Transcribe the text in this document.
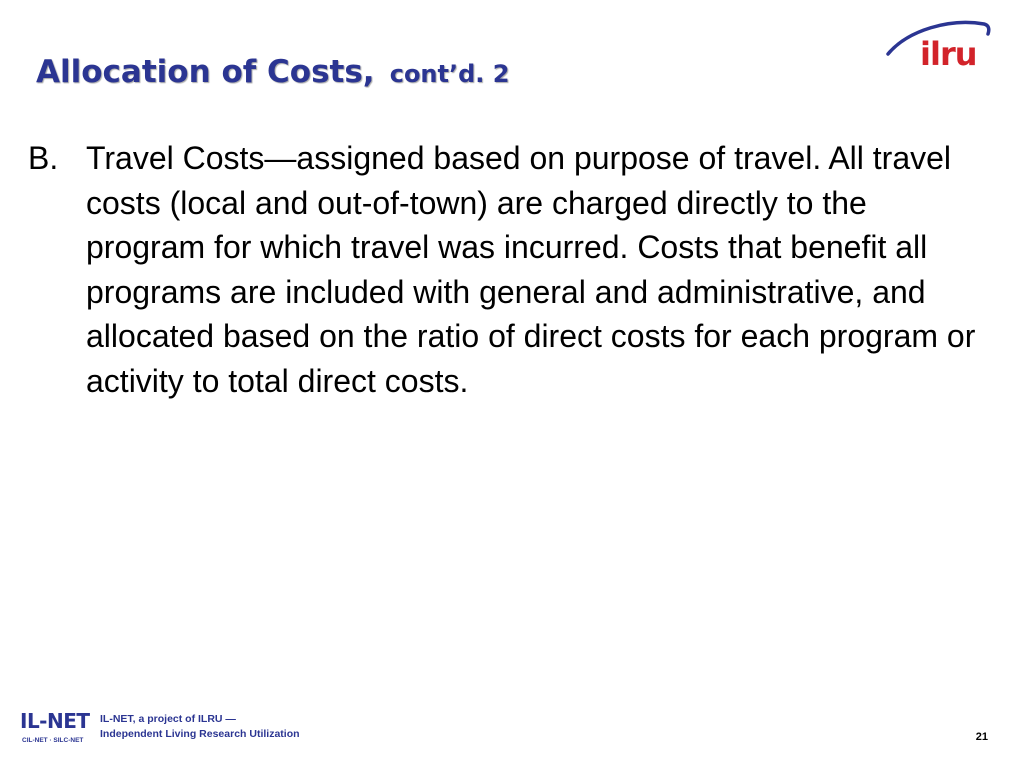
Allocation of Costs, cont’d. 2
ilru
B. Travel Costs—assigned based on purpose of travel. All travel costs (local and out-of-town) are charged directly to the program for which travel was incurred. Costs that benefit all programs are included with general and administrative, and allocated based on the ratio of direct costs for each program or activity to total direct costs.
IL-NET
CIL-NET · SILC-NET
IL-NET, a project of ILRU —
Independent Living Research Utilization	21
